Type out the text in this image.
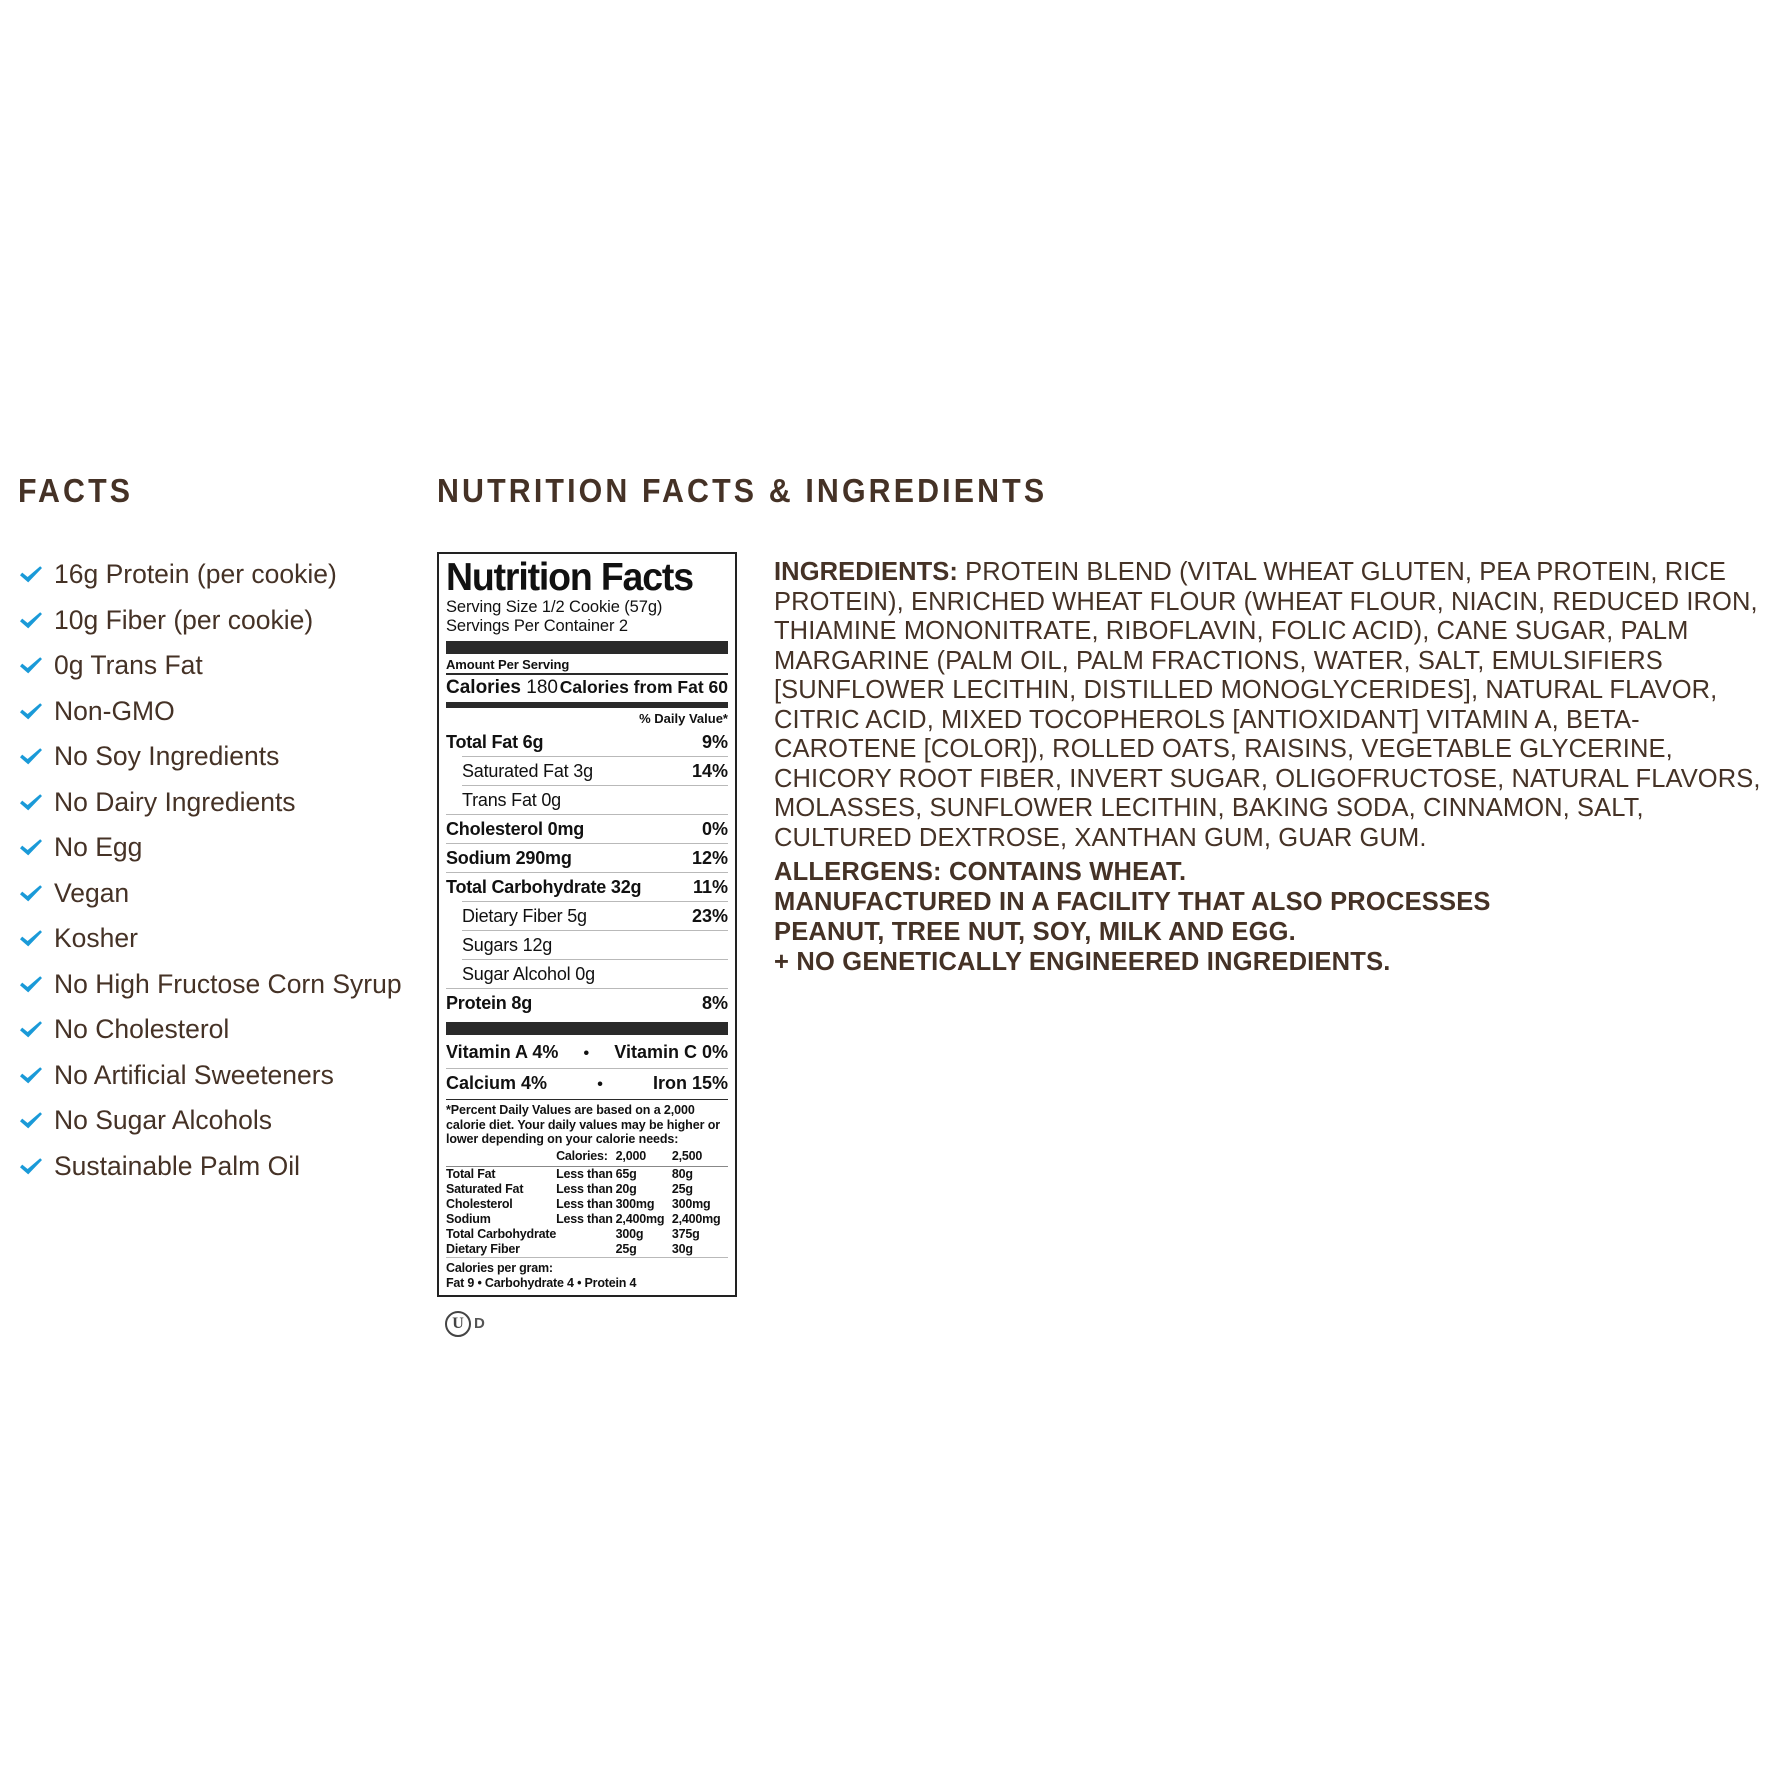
FACTS
16g Protein (per cookie)
10g Fiber (per cookie)
0g Trans Fat
Non-GMO
No Soy Ingredients
No Dairy Ingredients
No Egg
Vegan
Kosher
No High Fructose Corn Syrup
No Cholesterol
No Artificial Sweeteners
No Sugar Alcohols
Sustainable Palm Oil
NUTRITION FACTS & INGREDIENTS
Nutrition Facts
Serving Size 1/2 Cookie (57g)
Servings Per Container 2
Amount Per Serving
Calories 180 Calories from Fat 60
% Daily Value*
Total Fat 6g	9%
Saturated Fat 3g	14%
Trans Fat 0g
Cholesterol 0mg	0%
Sodium 290mg	12%
Total Carbohydrate 32g	11%
Dietary Fiber 5g	23%
Sugars 12g
Sugar Alcohol 0g
Protein 8g	8%
Vitamin A 4%	•	Vitamin C 0%
Calcium 4%	•	Iron 15%
*Percent Daily Values are based on a 2,000 calorie diet. Your daily values may be higher or lower depending on your calorie needs:
	Calories:	2,000	2,500

Total Fat	Less than	65g	80g
Saturated Fat	Less than	20g	25g
Cholesterol	Less than	300mg	300mg
Sodium	Less than	2,400mg	2,400mg
Total Carbohydrate		300g	375g
Dietary Fiber		25g	30g
Calories per gram:
Fat 9 • Carbohydrate 4 • Protein 4
U D

INGREDIENTS: PROTEIN BLEND (VITAL WHEAT GLUTEN, PEA PROTEIN, RICE PROTEIN), ENRICHED WHEAT FLOUR (WHEAT FLOUR, NIACIN, REDUCED IRON, THIAMINE MONONITRATE, RIBOFLAVIN, FOLIC ACID), CANE SUGAR, PALM MARGARINE (PALM OIL, PALM FRACTIONS, WATER, SALT, EMULSIFIERS [SUNFLOWER LECITHIN, DISTILLED MONOGLYCERIDES], NATURAL FLAVOR, CITRIC ACID, MIXED TOCOPHEROLS [ANTIOXIDANT] VITAMIN A, BETA-CAROTENE [COLOR]), ROLLED OATS, RAISINS, VEGETABLE GLYCERINE, CHICORY ROOT FIBER, INVERT SUGAR, OLIGOFRUCTOSE, NATURAL FLAVORS, MOLASSES, SUNFLOWER LECITHIN, BAKING SODA, CINNAMON, SALT, CULTURED DEXTROSE, XANTHAN GUM, GUAR GUM.

ALLERGENS: CONTAINS WHEAT.
MANUFACTURED IN A FACILITY THAT ALSO PROCESSES
PEANUT, TREE NUT, SOY, MILK AND EGG.
+ NO GENETICALLY ENGINEERED INGREDIENTS.
